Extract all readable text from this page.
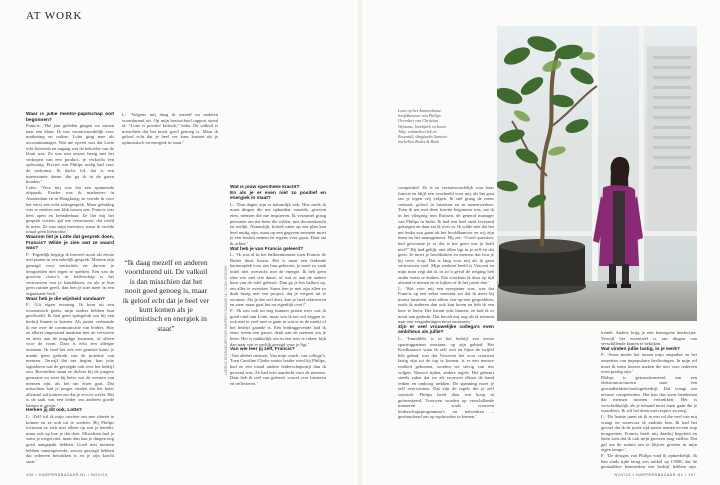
AT WORK

Waar is jullie mentor-papilschap ooit begonnen?

Francis: ‘Het jaar geleden gingen we samen naar een klant. Ik was verantwoordelijk voor marketing en online, Lotte ging mee als accountmanager. Wat me opviel was dat Lotte echt luisterde en nagaag wat de behoefte van de klant was. Ze was niet zozeer bezig met het verkopen van een product, je verkocht een oplossing. Precies wat Philips nodig had voor de toekomst. Ik dacht: lol, dat is een interessante dame, die ga ik in de gaten houden.’

Lotte: ‘Voor mij was dat een spannende afspraak. Eerder was ik marketeer in Amsterdam en in Hongkong; ze voerde ik voor het eerst een echt salesgesprek. Maar gelukkig was er meteen een klik tussen ons. Francis was heel open en benaderbaar. Ze liet mij het gesprek voeren, gaf me vertrouwen, dat voeld ik meer. Ze was mijn meesters; maar ik voelde totaal geen hiërarchie.’

Waarom liet je Lotte dat gesprek doen, Francis? Wilde je zien wat ze waard was?

F: ‘Eigenlijk begrijp ik hoeveel nooit als eerste met praten in een zakelijk gesprek. Mensen zijn geneigd voor senioriteit en durven je terugtreden niet tegen te spreken. Een van de grootste risico’s in leiderschap is het vertrouwen van je kandidaten, en als je hun geen ruimte geeft, dan ben je niet meer in een organisatie leeft.’

Waar heb je die wijsheid vandaan?

F: ‘Uit eigen ervaring. Ik kom uit een economisch gezin, mijn ouders hebben hun geschoold. Ik had geen spitsgeluk om bij een bedrijf binnen te komen. Als junior verbaasde ik me over de communicatie van leiders. Hoe ze allerei ongetraind maakten met de verstoren en niets aan de jeugdige kwamen, of alleen voor de vorm. Daar is echt een allergie ontstaan. Ik vind het ook een gemiste kans; je mankt geen gebruik van de potentie van mensen. Terwijl dat net begint, kan jeite signaleren wat de gevolgde ook over het bedrijf zou. Bovendien staan ze dichter bij de jongere generatie en weet hij beter wat de wensen van mensen zijn, als het om eisen gaat. Dat misschien bad je jonger vinden dat het beter allemaal zal komen om dat je ervoor werkt. Het is de taak van een leider om anderen goede kansen te geven.’

Herken jij dit ook, Lotte?

L: ‘Zelf wil ik mijn carrière om met ideeën te komen en ze ook uit te werken. Bij Philips focussen ze zich niet alleen op wat je bereikt, maar ook op hoe je dat doet. Misschien had je soms je toegst niet, maar dan kan je dingen nog goed aangepakt hebben. Goed met mensen hebben samengewerkt, ervoor gezorgd hebben dat iedereen betrokken is en je zijn kracht staat.’

L: ‘Volgens mij daag ik mezelf en anderen voortdurend uit. Op mijn basisschool rapport stond al: “Lotte is positief kritisch,” haha. De valkuil is misschien dat het nooit goed genoeg is. Maar ik geloof echt dat je heel ver kunt komen als je optimistisch en energiek in staat.’

“Ik daag mezelf en anderen voortdurend uit. De valkuil is dan misschien dat het nooit goed genoeg is, maar ik geloof echt dat je heel ver kunt komen als je optimistisch en energiek in staat”

Wat is jouw specifieke kracht?

En als je er even niet zo positief en energiek in staat?

L: ‘Dan dagen zijn er natuurlijk ook. Hoe merk ik maar dingen die me opbuiden: muziek, gewoon eten, mensen die me inspireren. Ik verzamel graag personen om me heen die willen, met doorzetkracht en eerlijk. Natuurlijk, kritiek uiten op een plan kan heel nuttig zijn, maar op een gegeven moment moet je een besluit nemen en ergens voor gaan. Daar sta ik achter.’

Wat heb je van Francis geleerd?

L: ‘Ik was al in het balkonmoment toen Francis de Ruiter thuis kwam. Het is maar een leidende kantoorplek voor ons hun geboorte, je moet zo vaak intiel niet overzicht met de energie. Ik heb geen idee wie met wie danst, of wat er aan de andere kant van de tafel gebeurt. Dan ga je het balkon op, om alles te overzien. Soms ben je met zijn allen zo druk bezig met een project, dat je vergeet uit te zoomen. Als je dat wel doet, kun je heel relativeren en zien: maar gaat het nu eigenlijk over?’

F: ‘Ik zou ook nu nog kunnen praten over wat ik goed vind aan Lotte, maar wat ik net wil zeggen is: ook niet te veel mee te gaan in wat er in de markt of het bedrijf gaande is. Eén leidinggevende had ik eens: neem een pauze, denk aan de mensen om je heen. Het is makkelijk om in een roes te raken; kijk dan naar wat er eerlijk gezegd voor je ligt.’

Van wie leer jij zelf, Francis?

‘Van allebei mensen. Van mijn coach, van collega’s. Toen Caroline Clarke senior leader werd bij Philips, had ze een totaal andere leiderschapsstijl dan ik gewend was. Ze had echt aandacht voor de mensen. Daar heb ik veel van geleerd, vooral over luisteren en reflecteren.’

LORENZ ROZEMEIJER FOR HARPER'S BAZAAR NL / ICON STUDIOS

competitief. Ze is zo verantwoordelijk voor haar functie en blijft een voorbeeld voor mij, als het gaat om je eigen vrij volgen. Ik stel graag de mens centraal, geloof in luisteren en in samenwerken. Toen ik net met deze functie begonnen was, zat ik in het vliegtuig met Ruitsen, de general manager van Philips in India. Ik had een heel sterk leverand gekregen en daar zat ik over in. Ik wilde niet dat het net leuke zou gaan uit het hoofdkantoor en wij zijn team en het management. Hij zei: “Good question; had gewoonte je er dat is het geen wat je boilt niet?” Hij had gelijk, niet allen ligt in je zelf en dat geen. Je moet je hoofdzaken en mensen dat hou je bij weer, erop. Dat is lang voor mij als ik geen vertrouwen voel. Mijn sterkere beeld is Vincent en mijn man zegt dat ik in zo’n geval de neiging heb onder water te duiken. Dat voorkom ik door op tijd afstand te nemen en te kijken of ik het juiste doe.’

L: ‘Wat voor mij een eyeopener was, was dat Francis op een zeker moment zei dat ik meer bij moest luisteren, niet alleen een-op-een gesprekken, zoals ik anderen dan ook kan horen en heb ik een keer te leren. Die kwam echt binnen; ze had ik er nooit aan gedacht. Dat bevalt mij nog als ik mensen naar een vergaderingen moet aansturen.’

Zijn er veel vrouwelijke collega’s even ambitieus als jullie?

L: ‘Inmiddels is in het bedrijf een eerste sparringpartner ontstaan, op zijn gebied. Het Koolkantoor waar ik zelf ooit en bijna de twijfel heb gehad, was dat Vrouwen het voor vrouwen lastig zijn tot de top te komen, is er een nieuwe realiteit gekomen, worden we stevig van iets volgen. Nieuwe tijden, andere regels. Het gebeurt steeds vaker dat we als vrouwen elkaar de hand reiken en omhoog trekken. De spanning moet je zelf overwinnen. Dat zijn de regels die je zelf vaststelt. Philips heeft daar een hoop in geïnvesteerd. Vrouwen worden op verschillende manieren – zoals vrouwen leiderschapsprogramma’s en netwerken – gestimuleerd om op topfuncties te komen.’

trende. Anders krijg je een homogene denkwijze. Terwijl het essentieel is om dingen van verschillende kanten te bekijken.’

Wat vinden jullie lastig, in je werk?

F: ‘Soms merkt het tussen mijn empathie en het omzetten van impopulaire beslissingen. In mijn rol moet ik soms keuzes maken die niet voor iedereen even prettig zijn.’

Philips is getransformeerd van een elektronicaconcern naar een gezondheidstechnologiebedrijf. Dat vraagt om nieuwe competenties. Het kan dus soms betekenen dat mensen moeten vertrekken. Het is verschrikkelijk als je iemand moet laten gaan die je waardeert. Ik wil het doen met respect en zorg.’

L: ‘De laatste jaren zit ik in een rol die veel van mij vraagt en waarvoor ik ambitie ben. Ik had het gevoel dat ik de juiste tijd moest nemen en een stap terugzetten. Francis heeft mij daarbij begeleid en laten zien dat ik ook mijn grenzen mag stellen. Dat gaf me de ruimte om te blijven groeien in mijn eigen tempo.’

F: ‘De designs van Philips vind ik opmerkelijk. Ik ben sinds tijde terug een artikel op CNBC dat de geniaaldste kenmerken een bedrijf hebben zijn.

Lotte op het Amsterdamse

hoofdkantoor van Philips.

Overshirt van Christian

Wijnants, broekjurk en boots

Toby, ruimsebeerlek ​en

Essentiël, slingbacks Santoni

oorbellen Bodes & Buds

106 • HARPERSBAZAAR.NL • NOV/23	NOV/23 • HARPERSBAZAAR.NL • 107
